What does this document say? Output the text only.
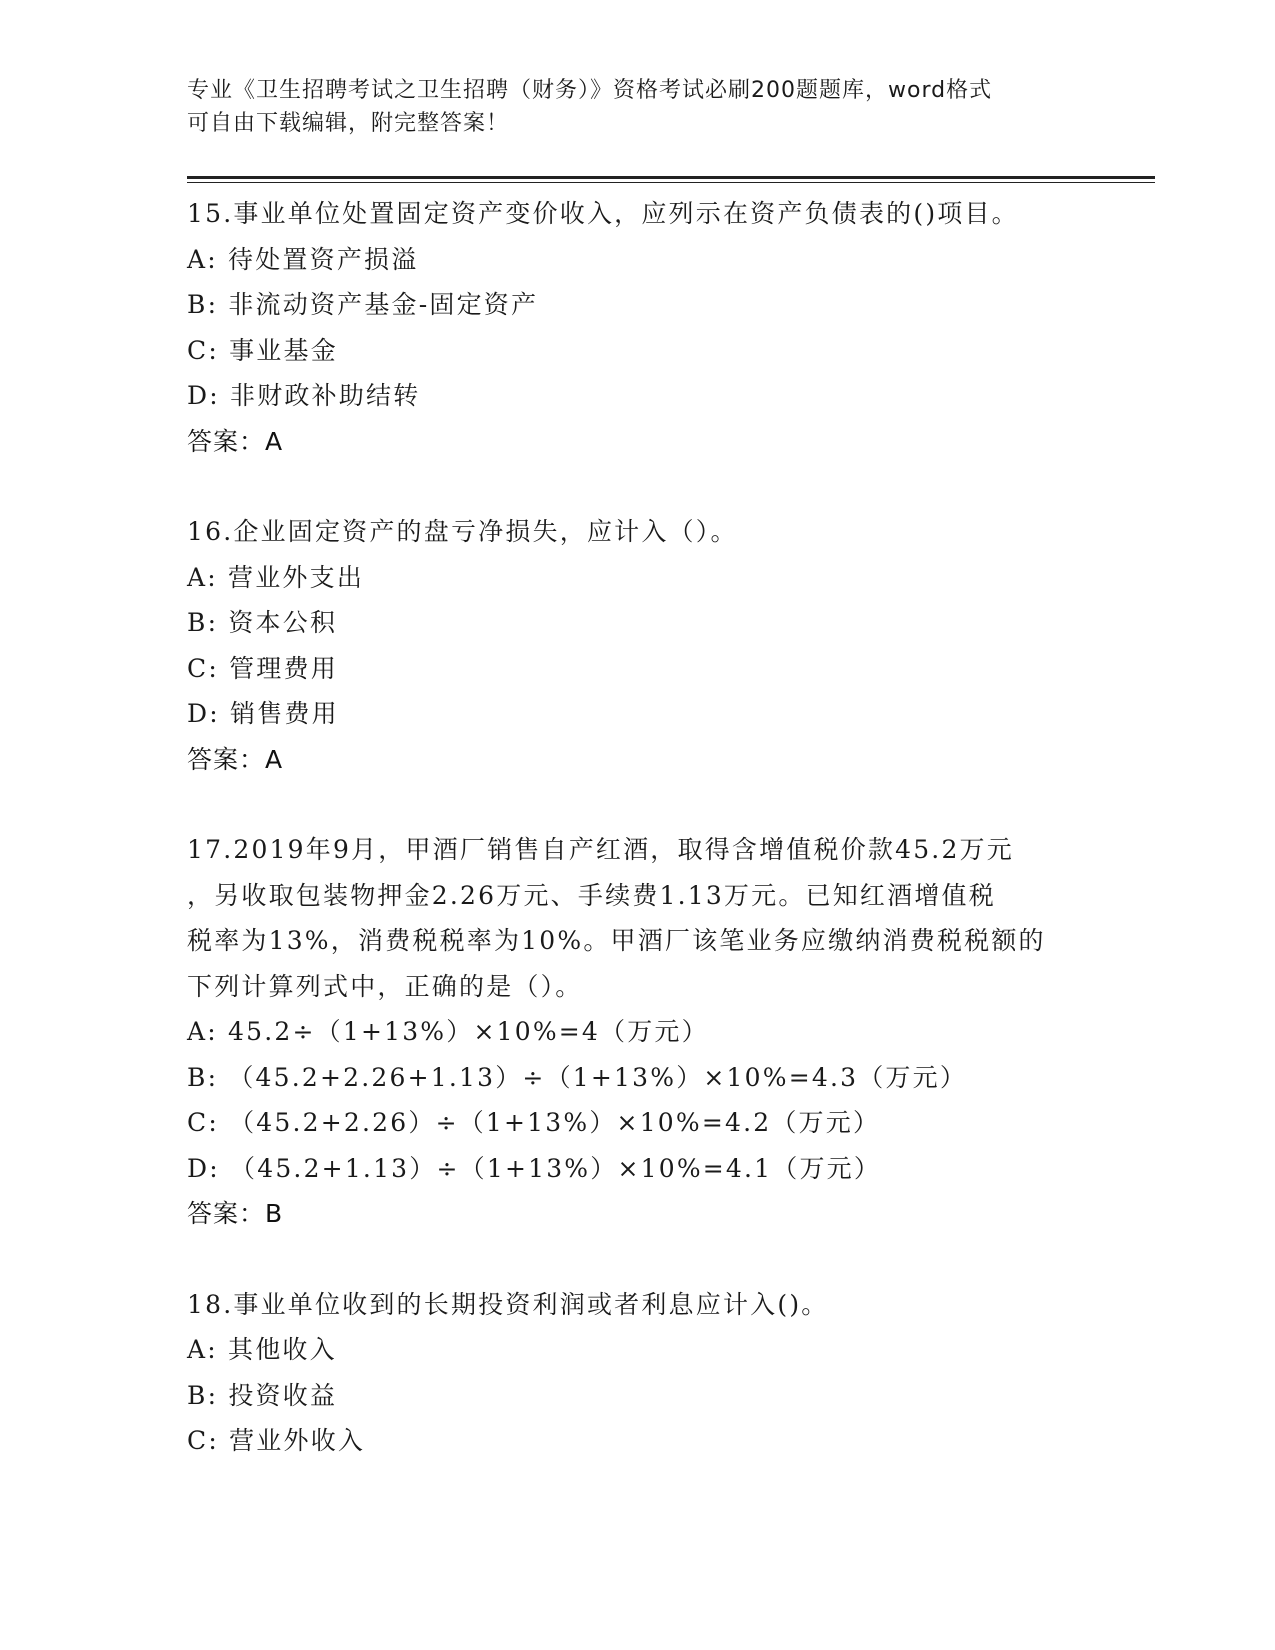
专业《卫生招聘考试之卫生招聘（财务）》资格考试必刷200题题库，word格式
可自由下载编辑，附完整答案！
15.事业单位处置固定资产变价收入，应列示在资产负债表的()项目。
A: 待处置资产损溢
B: 非流动资产基金-固定资产
C: 事业基金
D: 非财政补助结转
答案：A
16.企业固定资产的盘亏净损失，应计入（）。
A: 营业外支出
B: 资本公积
C: 管理费用
D: 销售费用
答案：A
17.2019年9月，甲酒厂销售自产红酒，取得含增值税价款45.2万元
，另收取包装物押金2.26万元、手续费1.13万元。已知红酒增值税
税率为13%，消费税税率为10%。甲酒厂该笔业务应缴纳消费税税额的
下列计算列式中，正确的是（）。
A: 45.2÷（1+13%）×10%=4（万元）
B: （45.2+2.26+1.13）÷（1+13%）×10%=4.3（万元）
C: （45.2+2.26）÷（1+13%）×10%=4.2（万元）
D: （45.2+1.13）÷（1+13%）×10%=4.1（万元）
答案：B
18.事业单位收到的长期投资利润或者利息应计入()。
A: 其他收入
B: 投资收益
C: 营业外收入
